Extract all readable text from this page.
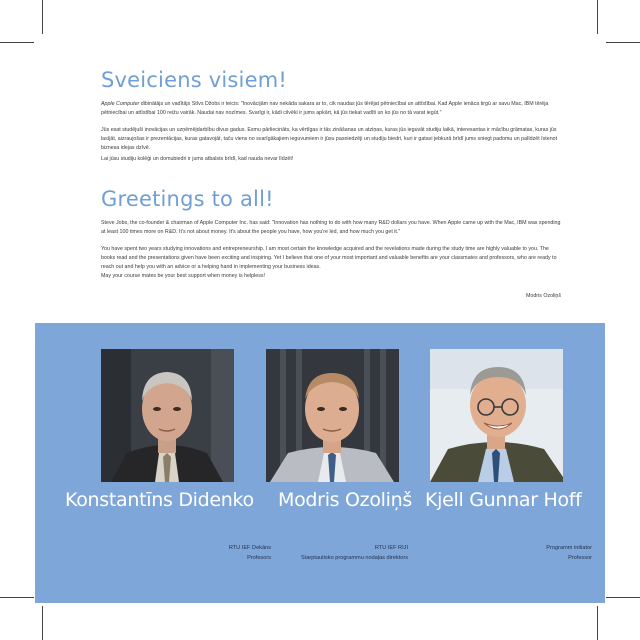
Sveiciens visiem!

Apple Computer dibinātājs un vadītājs Stīvs Džobs ir teicis: "Inovācijām nav nekāda sakara ar to, cik naudas jūs tērējat pētniecībai un attīstībai. Kad Apple ienāca tirgū ar savu Mac, IBM tērēja pētniecībai un attīstībai 100 reižu vairāk. Naudai nav nozīmes. Svarīgi ir, kādi cilvēki ir jums apkārt, kā jūs tiekat vadīti un ko jūs no tā varat iegūt."

Jūs esat studējuši inovācijas un uzņēmējdarbību divus gadus. Esmu pārliecināts, ka vērtīgas ir tās zināšanas un atziņas, kuras jūs ieguvāt studiju laikā, interesantas ir mācību grāmatas, kuras jūs lasījāt, aizraujošas ir prezentācijas, kuras gatavojāt, taču viens no svarīgākajiem ieguvumiem ir jūsu pasniedzēji un studiju biedri, kuri ir gatavi jebkurā brīdī jums sniegt padomu un palīdzēt īstenot biznesa idejas dzīvē.

Lai jūsu studiju kolēģi un domubiedri ir jums atbalsts brīdī, kad nauda nevar līdzēt!

Greetings to all!

Steve Jobs, the co-founder & chairman of Apple Computer Inc. has said: "Innovation has nothing to do with how many R&D dollars you have. When Apple came up with the Mac, IBM was spending at least 100 times more on R&D. It's not about money. It's about the people you have, how you're led, and how much you get it."

You have spent two years studying innovations and entrepreneurship. I am most certain the knowledge acquired and the revelations made during the study time are highly valuable to you. The books read and the presentations given have been exciting and inspiring. Yet I believe that one of your most important and valuable benefits are your classmates and professors, who are ready to reach out and help you with an advice or a helping hand in implementing your business ideas.

May your course mates be your best support when money is helpless!

Modris Ozoliņš
Konstantīns Didenko
RTU IEF Dekāns
Profesors
Modris Ozoliņš
RTU IEF RIJI
Starptautisko programmu nodaļas direktors
Kjell Gunnar Hoff
Programm initiator
Professor
